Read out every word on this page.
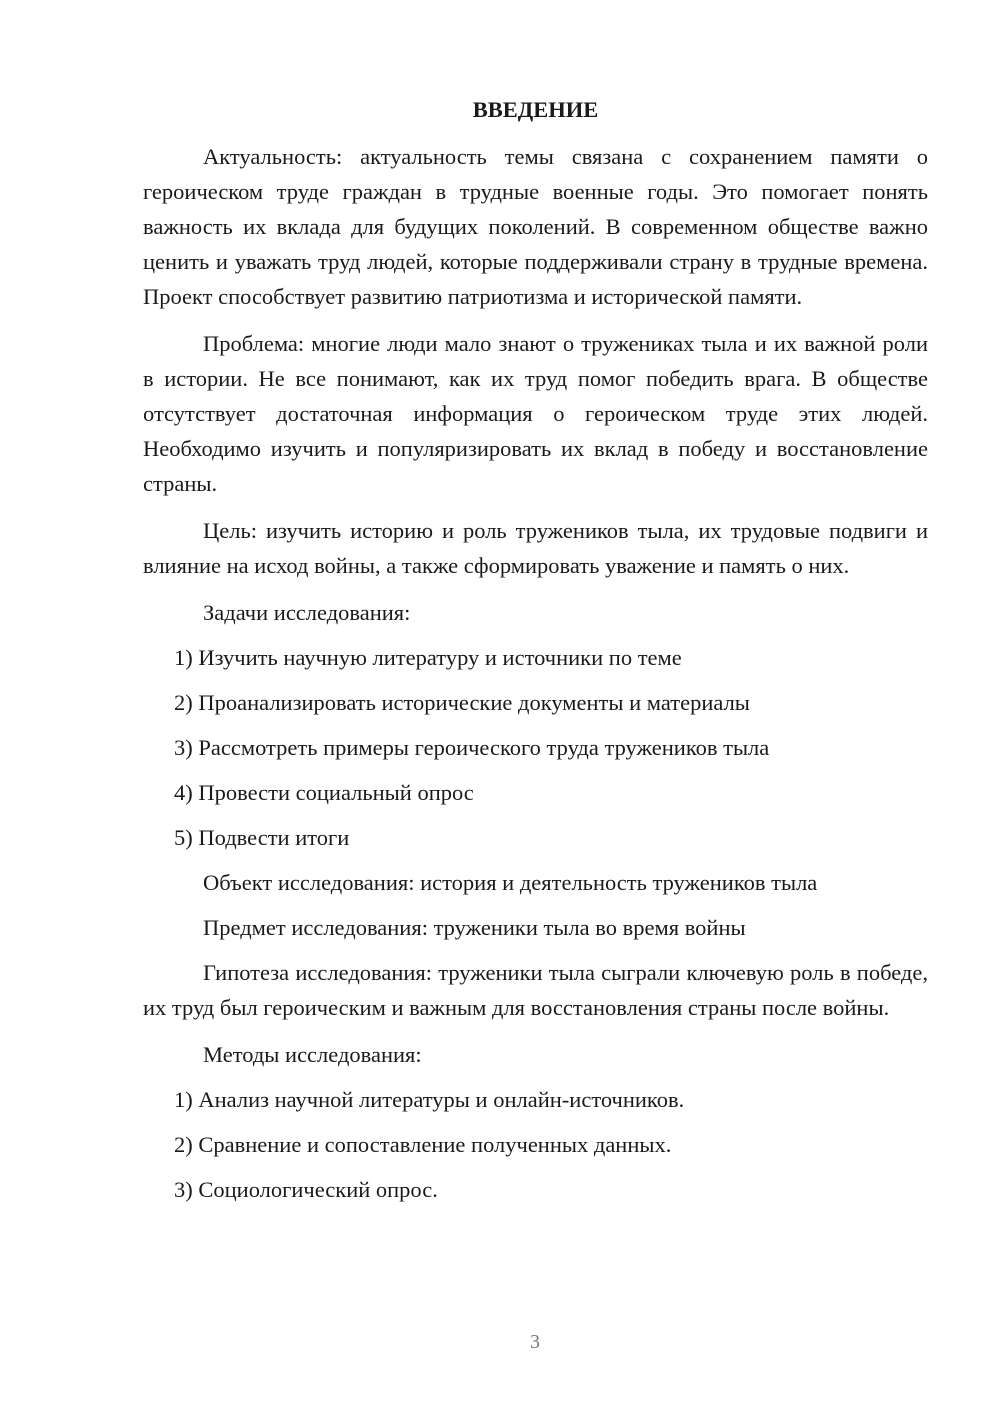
ВВЕДЕНИЕ

Актуальность: актуальность темы связана с сохранением памяти о героическом труде граждан в трудные военные годы. Это помогает понять важность их вклада для будущих поколений. В современном обществе важно ценить и уважать труд людей, которые поддерживали страну в трудные времена. Проект способствует развитию патриотизма и исторической памяти.

Проблема: многие люди мало знают о тружениках тыла и их важной роли в истории. Не все понимают, как их труд помог победить врага. В обществе отсутствует достаточная информация о героическом труде этих людей. Необходимо изучить и популяризировать их вклад в победу и восстановление страны.

Цель: изучить историю и роль тружеников тыла, их трудовые подвиги и влияние на исход войны, а также сформировать уважение и память о них.

Задачи исследования:
1) Изучить научную литературу и источники по теме
2) Проанализировать исторические документы и материалы
3) Рассмотреть примеры героического труда тружеников тыла
4) Провести социальный опрос
5) Подвести итоги
Объект исследования: история и деятельность тружеников тыла
Предмет исследования: труженики тыла во время войны

Гипотеза исследования: труженики тыла сыграли ключевую роль в победе, их труд был героическим и важным для восстановления страны после войны.

Методы исследования:
1) Анализ научной литературы и онлайн-источников.
2) Сравнение и сопоставление полученных данных.
3) Социологический опрос.
3
